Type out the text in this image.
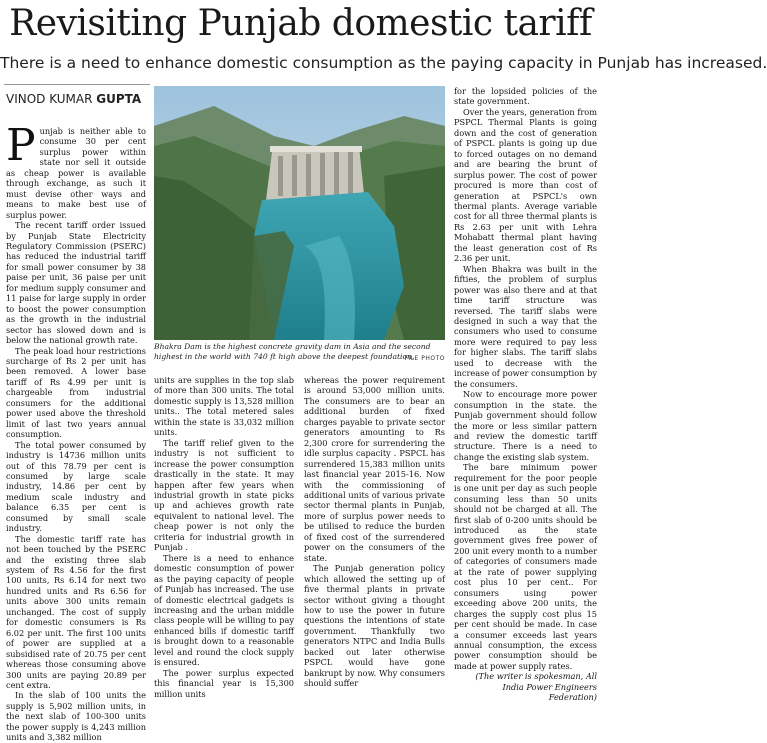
Revisiting Punjab domestic tariff
There is a need to enhance domestic consumption as the paying capacity in Punjab has increased.
VINOD KUMAR GUPTA

Punjab is neither able to consume 30 per cent surplus power within state nor sell it outside as cheap power is available through exchange, as such it must devise other ways and means to make best use of surplus power.

The recent tariff order issued by Punjab State Electricity Regulatory Commission (PSERC) has reduced the industrial tariff for small power consumer by 38 paise per unit, 36 paise per unit for medium supply consumer and 11 paise for large supply in order to boost the power consumption as the growth in the industrial sector has slowed down and is below the national growth rate.

The peak load hour restrictions surcharge of Rs 2 per unit has been removed. A lower base tariff of Rs 4.99 per unit is chargeable from industrial consumers for the additional power used above the threshold limit of last two years annual consumption.

The total power consumed by industry is 14736 million units out of this 78.79 per cent is consumed by large scale industry, 14.86 per cent by medium scale industry and balance 6.35 per cent is consumed by small scale industry.

The domestic tariff rate has not been touched by the PSERC and the existing three slab system of Rs 4.56 for the first 100 units, Rs 6.14 for next two hundred units and Rs 6.56 for units above 300 units remain unchanged. The cost of supply for domestic consumers is Rs 6.02 per unit. The first 100 units of power are supplied at a subsidised rate of 20.75 per cent whereas those consuming above 300 units are paying 20.89 per cent extra.

In the slab of 100 units the supply is 5,902 million units, in the next slab of 100-300 units the power supply is 4,243 million units and 3,382 million

Bhakra Dam is the highest concrete gravity dam in Asia and the second highest in the world with 740 ft high above the deepest foundation.
FILE PHOTO

units are supplies in the top slab of more than 300 units. The total domestic supply is 13,528 million units.. The total metered sales within the state is 33,032 million units.

The tariff relief given to the industry is not sufficient to increase the power consumption drastically in the state. It may happen after few years when industrial growth in state picks up and achieves growth rate equivalent to national level. The cheap power is not only the criteria for industrial growth in Punjab .

There is a need to enhance domestic consumption of power as the paying capacity of people of Punjab has increased. The use of domestic electrical gadgets is increasing and the urban middle class people will be willing to pay enhanced bills if domestic tariff is brought down to a reasonable level and round the clock supply is ensured.

The power surplus expected this financial year is 15,300 million units

whereas the power requirement is around 53,000 million units. The consumers are to bear an additional burden of fixed charges payable to private sector generators amounting to Rs 2,300 crore for surrendering the idle surplus capacity . PSPCL has surrendered 15,383 million units last financial year 2015-16. Now with the commissioning of additional units of various private sector thermal plants in Punjab, more of surplus power needs to be utilised to reduce the burden of fixed cost of the surrendered power on the consumers of the state.

The Punjab generation policy which allowed the setting up of five thermal plants in private sector without giving a thought how to use the power in future questions the intentions of state government. Thankfully two generators NTPC and India Bulls backed out later otherwise PSPCL would have gone bankrupt by now. Why consumers should suffer

for the lopsided policies of the state government.

Over the years, generation from PSPCL Thermal Plants is going down and the cost of generation of PSPCL plants is going up due to forced outages on no demand and are bearing the brunt of surplus power. The cost of power procured is more than cost of generation at PSPCL's own thermal plants. Average variable cost for all three thermal plants is Rs 2.63 per unit with Lehra Mohabatt thermal plant having the least generation cost of Rs 2.36 per unit.

When Bhakra was built in the fifties, the problem of surplus power was also there and at that time tariff structure was reversed. The tariff slabs were designed in such a way that the consumers who used to consume more were required to pay less for higher slabs. The tariff slabs used to decrease with the increase of power consumption by the consumers.

Now to encourage more power consumption in the state. the Punjab government should follow the more or less similar pattern and review the domestic tariff structure. There is a need to change the existing slab system.

The bare minimum power requirement for the poor people is one unit per day as such people consuming less than 50 units should not be charged at all. The first slab of 0-200 units should be introduced as the state government gives free power of 200 unit every month to a number of categories of consumers made at the rate of power supplying cost plus 10 per cent.. For consumers using power exceeding above 200 units, the charges the supply cost plus 15 per cent should be made. In case a consumer exceeds last years annual consumption, the excess power consumption should be made at power supply rates.

(The writer is spokesman, All India Power Engineers Federation)
